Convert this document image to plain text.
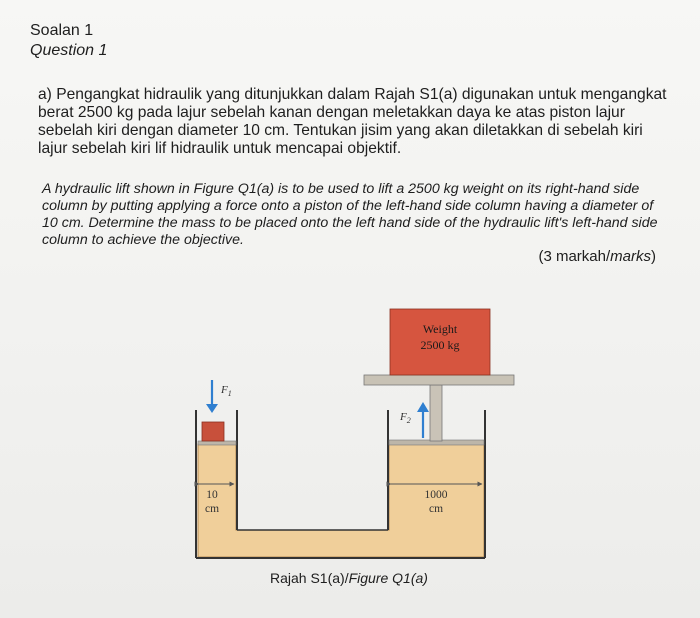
Soalan 1
Question 1
a) Pengangkat hidraulik yang ditunjukkan dalam Rajah S1(a) digunakan untuk mengangkat berat 2500 kg pada lajur sebelah kanan dengan meletakkan daya ke atas piston lajur sebelah kiri dengan diameter 10 cm. Tentukan jisim yang akan diletakkan di sebelah kiri lajur sebelah kiri lif hidraulik untuk mencapai objektif.
A hydraulic lift shown in Figure Q1(a) is to be used to lift a 2500 kg weight on its right-hand side column by putting applying a force onto a piston of the left-hand side column having a diameter of 10 cm. Determine the mass to be placed onto the left hand side of the hydraulic lift's left-hand side column to achieve the objective.
(3 markah/marks)
Weight
2500 kg
$F_1$
$F_2$
10
cm
1000
cm
Rajah S1(a)/Figure Q1(a)
